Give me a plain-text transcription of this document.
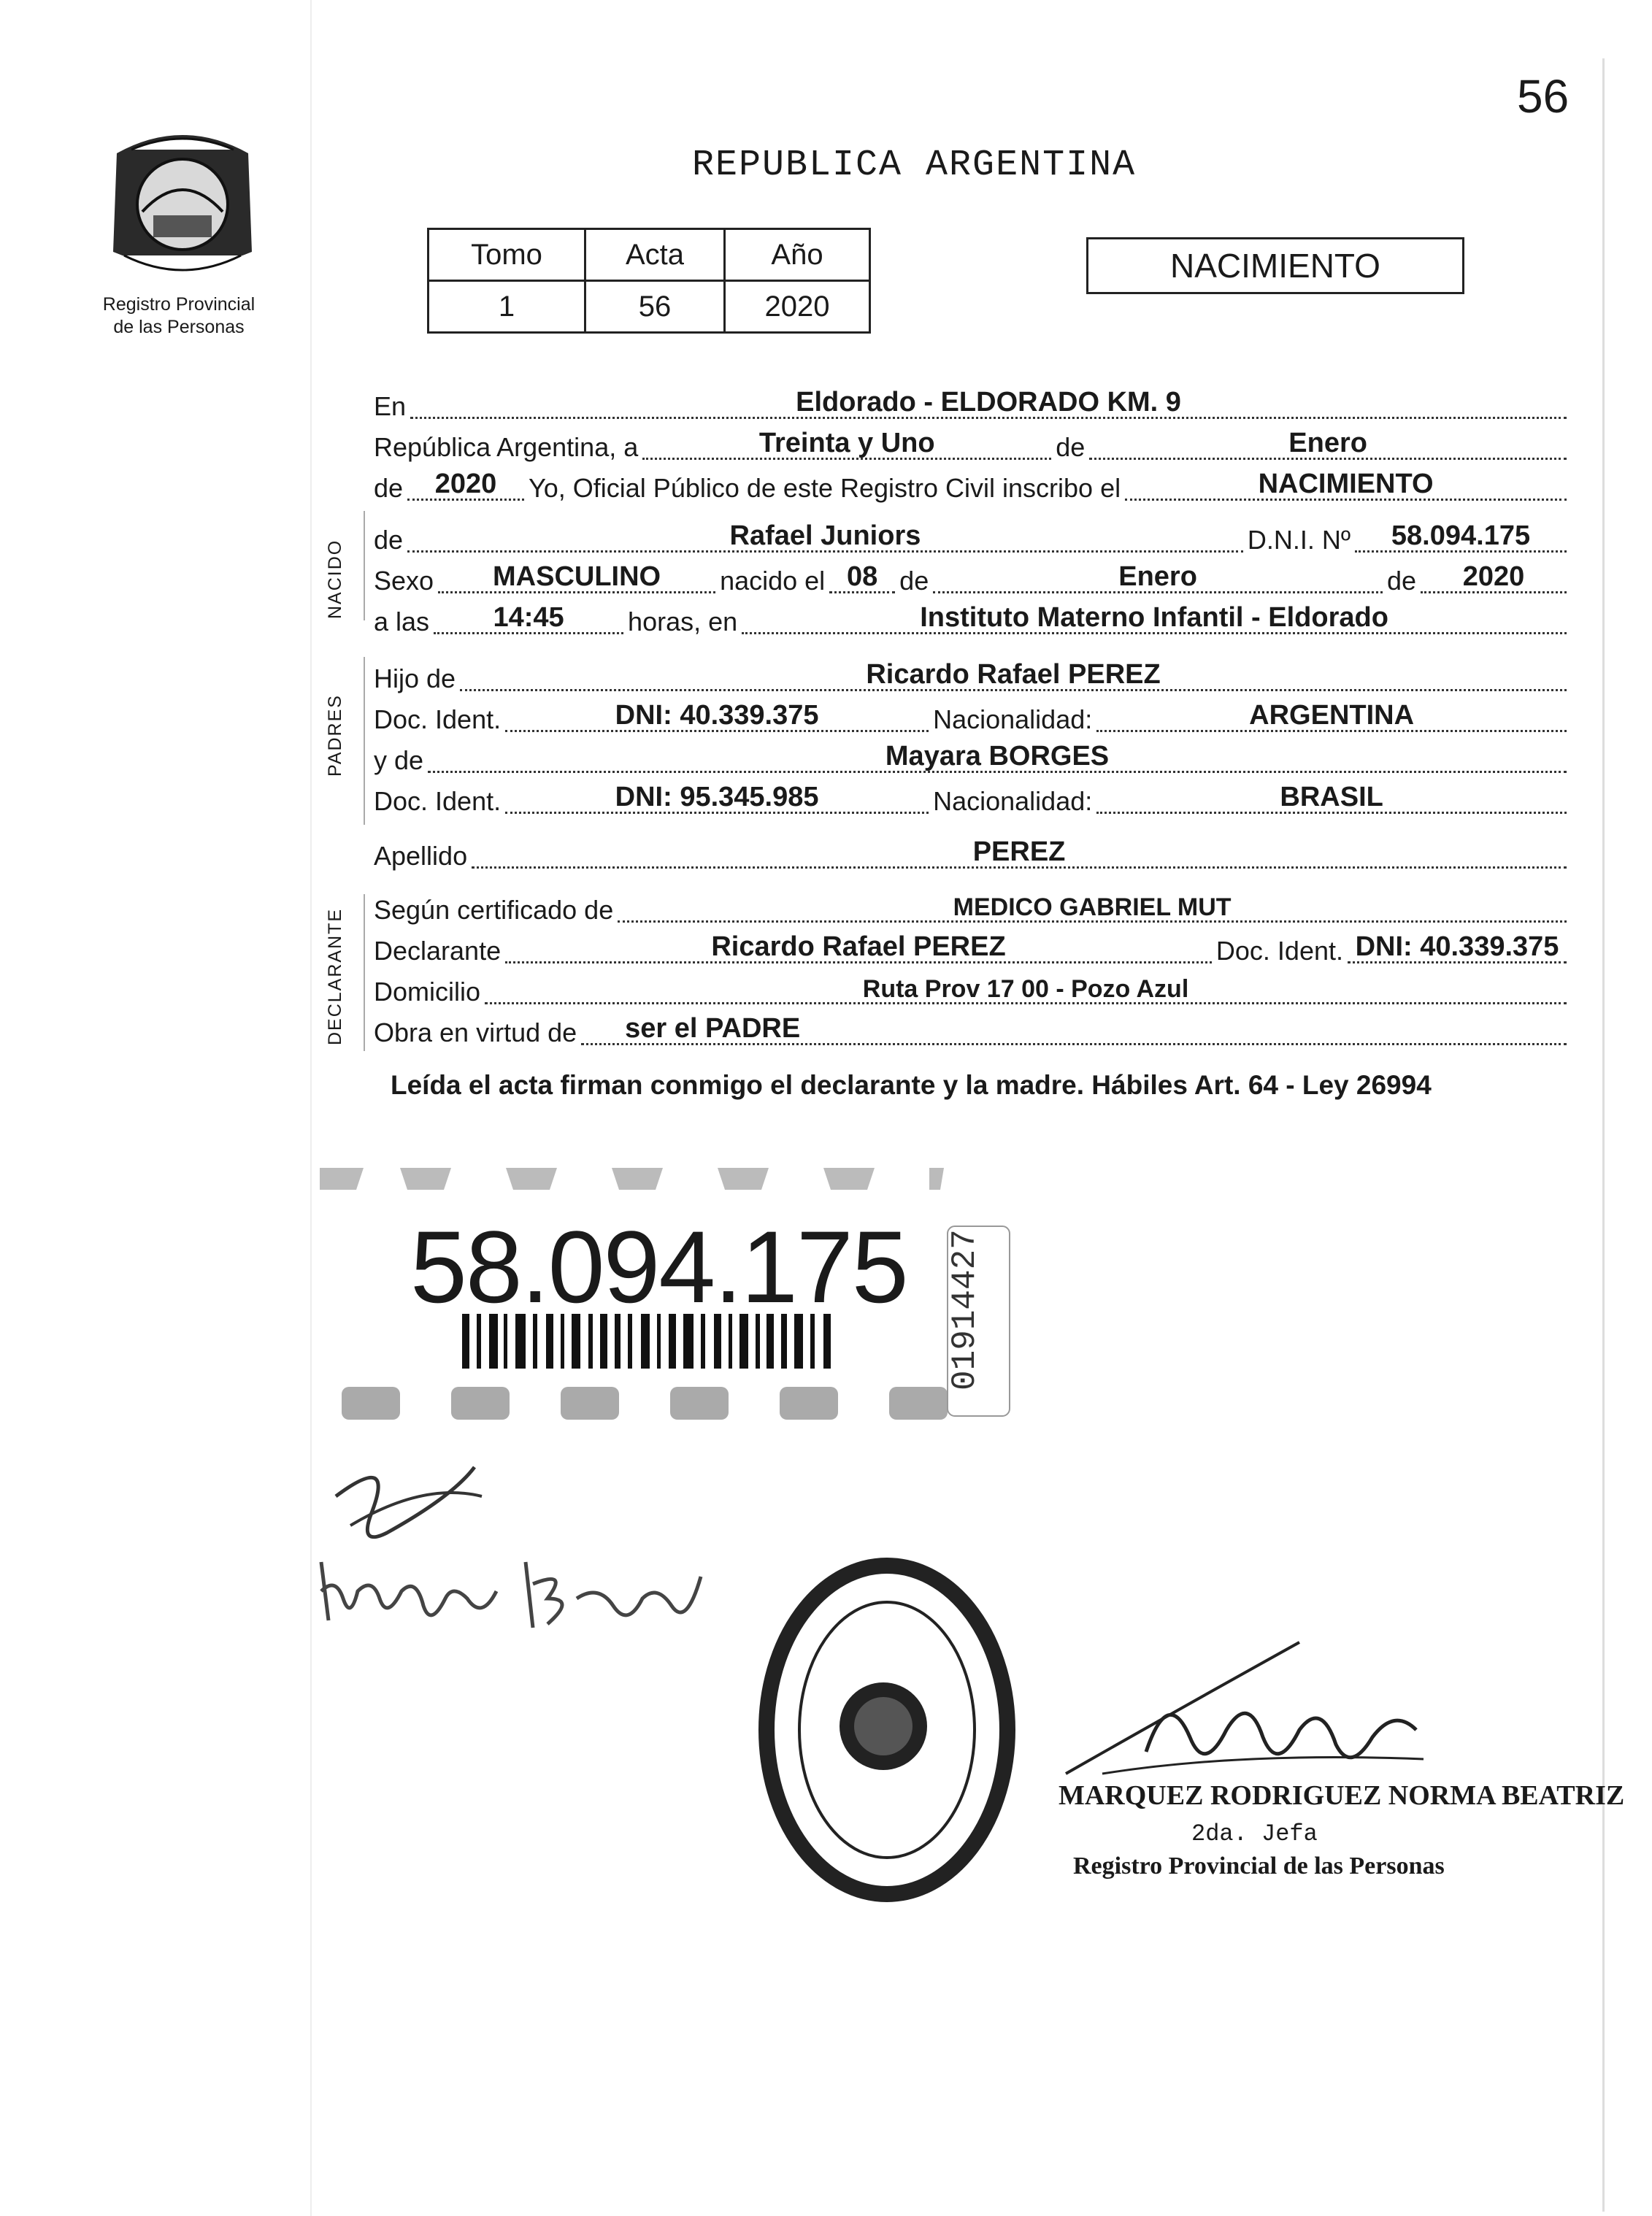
56
REPUBLICA ARGENTINA
Registro Provincial
de las Personas
Tomo	Acta	Año
1	56	2020
NACIMIENTO
En	Eldorado - ELDORADO KM. 9
República Argentina, a	Treinta y Uno	de	Enero
de	2020	Yo, Oficial Público de este Registro Civil inscribo el	NACIMIENTO
de	Rafael Juniors	D.N.I. Nº	58.094.175
Sexo	MASCULINO	nacido el 08 de	Enero	de	2020
a las	14:45	horas, en	Instituto Materno Infantil - Eldorado
Hijo de	Ricardo Rafael PEREZ
Doc. Ident.	DNI: 40.339.375	Nacionalidad:	ARGENTINA
y de	Mayara BORGES
Doc. Ident.	DNI: 95.345.985	Nacionalidad:	BRASIL
Apellido	PEREZ
Según certificado de	MEDICO GABRIEL MUT
Declarante	Ricardo Rafael PEREZ	Doc. Ident. DNI: 40.339.375
Domicilio	Ruta Prov 17 00 - Pozo Azul
Obra en virtud de ser el PADRE
NACIDO
PADRES
DECLARANTE
Leída el acta firman conmigo el declarante y la madre. Hábiles Art. 64 - Ley 26994
58.094.175 01914427
MARQUEZ RODRIGUEZ NORMA BEATRIZ
2da. Jefa
Registro Provincial de las Personas
